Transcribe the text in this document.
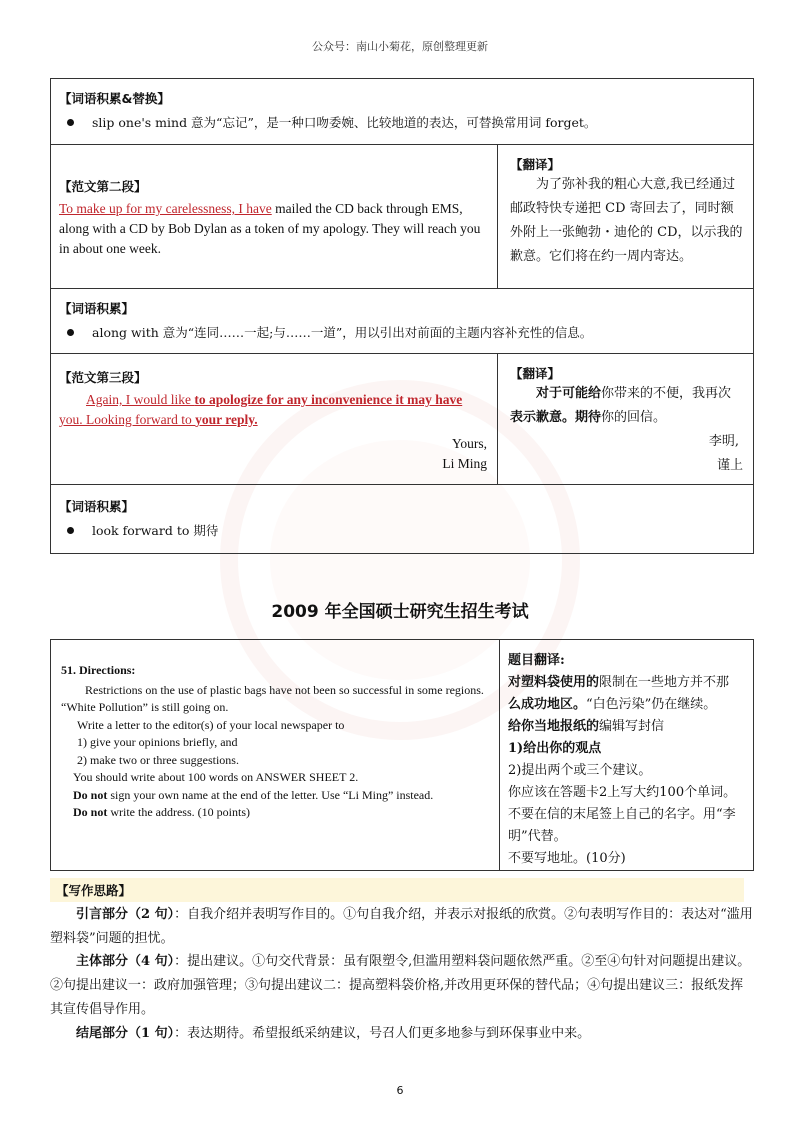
公众号：南山小菊花，原创整理更新
【词语积累&替换】
slip one's mind 意为“忘记”，是一种口吻委婉、比较地道的表达，可替换常用词 forget。
【范文第二段】
To make up for my carelessness, I have mailed the CD back through EMS, along with a CD by Bob Dylan as a token of my apology. They will reach you in about one week.
【翻译】
为了弥补我的粗心大意,我已经通过邮政特快专递把 CD 寄回去了，同时额外附上一张鲍勃・迪伦的 CD，以示我的歉意。它们将在约一周内寄达。
【词语积累】
along with 意为“连同……一起;与……一道”，用以引出对前面的主题内容补充性的信息。
【范文第三段】
Again, I would like to apologize for any inconvenience it may have you. Looking forward to your reply.
Yours,
Li Ming
【翻译】
对于可能给你带来的不便，我再次表示歉意。期待你的回信。
李明,
谨上
【词语积累】
look forward to 期待
2009 年全国硕士研究生招生考试
51. Directions:
Restrictions on the use of plastic bags have not been so successful in some regions. “White Pollution” is still going on.
Write a letter to the editor(s) of your local newspaper to
1) give your opinions briefly, and
2) make two or three suggestions.
You should write about 100 words on ANSWER SHEET 2.
Do not sign your own name at the end of the letter. Use “Li Ming” instead.
Do not write the address. (10 points)
题目翻译:
对塑料袋使用的限制在一些地方并不那
么成功地区。“白色污染”仍在继续。
给你当地报纸的编辑写封信
1)给出你的观点
2)提出两个或三个建议。
你应该在答题卡2上写大约100个单词。
不要在信的末尾签上自己的名字。用“李明”代替。
不要写地址。(10分)
【写作思路】
引言部分（2 句）：自我介绍并表明写作目的。①句自我介绍，并表示对报纸的欣赏。②句表明写作目的：表达对“滥用塑料袋”问题的担忧。
主体部分（4 句）：提出建议。①句交代背景：虽有限塑令,但滥用塑料袋问题依然严重。②至④句针对问题提出建议。②句提出建议一：政府加强管理；③句提出建议二：提高塑料袋价格,并改用更环保的替代品；④句提出建议三：报纸发挥其宣传倡导作用。
结尾部分（1 句）：表达期待。希望报纸采纳建议，号召人们更多地参与到环保事业中来。
6
